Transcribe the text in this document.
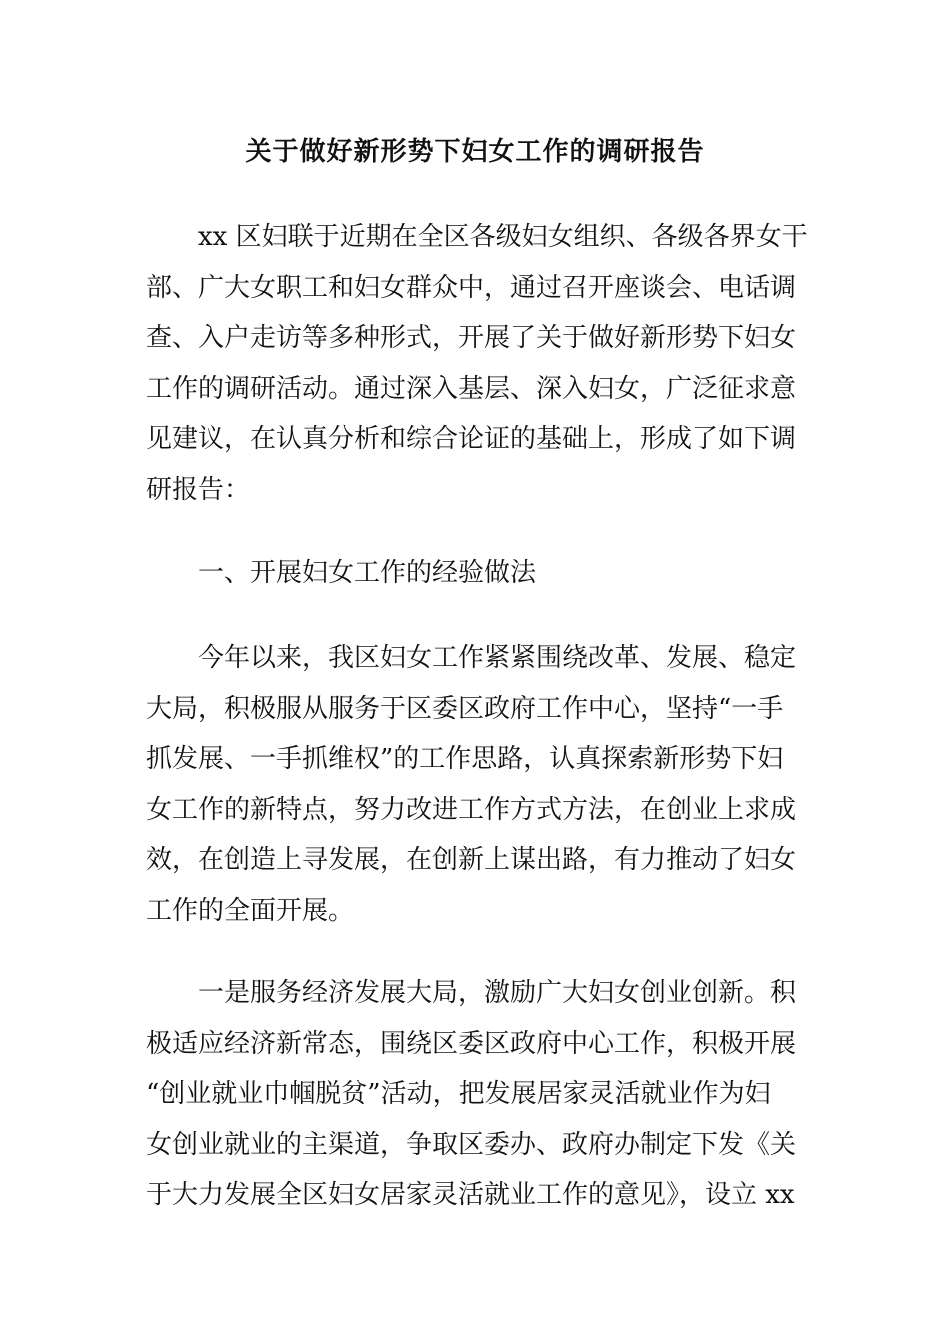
关于做好新形势下妇女工作的调研报告

xx 区妇联于近期在全区各级妇女组织、各级各界女干
部、广大女职工和妇女群众中，通过召开座谈会、电话调
查、入户走访等多种形式，开展了关于做好新形势下妇女
工作的调研活动。通过深入基层、深入妇女，广泛征求意
见建议，在认真分析和综合论证的基础上，形成了如下调
研报告：

一、开展妇女工作的经验做法

今年以来，我区妇女工作紧紧围绕改革、发展、稳定
大局，积极服从服务于区委区政府工作中心，坚持“一手
抓发展、一手抓维权”的工作思路，认真探索新形势下妇
女工作的新特点，努力改进工作方式方法，在创业上求成
效，在创造上寻发展，在创新上谋出路，有力推动了妇女
工作的全面开展。

一是服务经济发展大局，激励广大妇女创业创新。积
极适应经济新常态，围绕区委区政府中心工作，积极开展
“创业就业巾帼脱贫”活动，把发展居家灵活就业作为妇
女创业就业的主渠道，争取区委办、政府办制定下发《关
于大力发展全区妇女居家灵活就业工作的意见》，设立 xx
